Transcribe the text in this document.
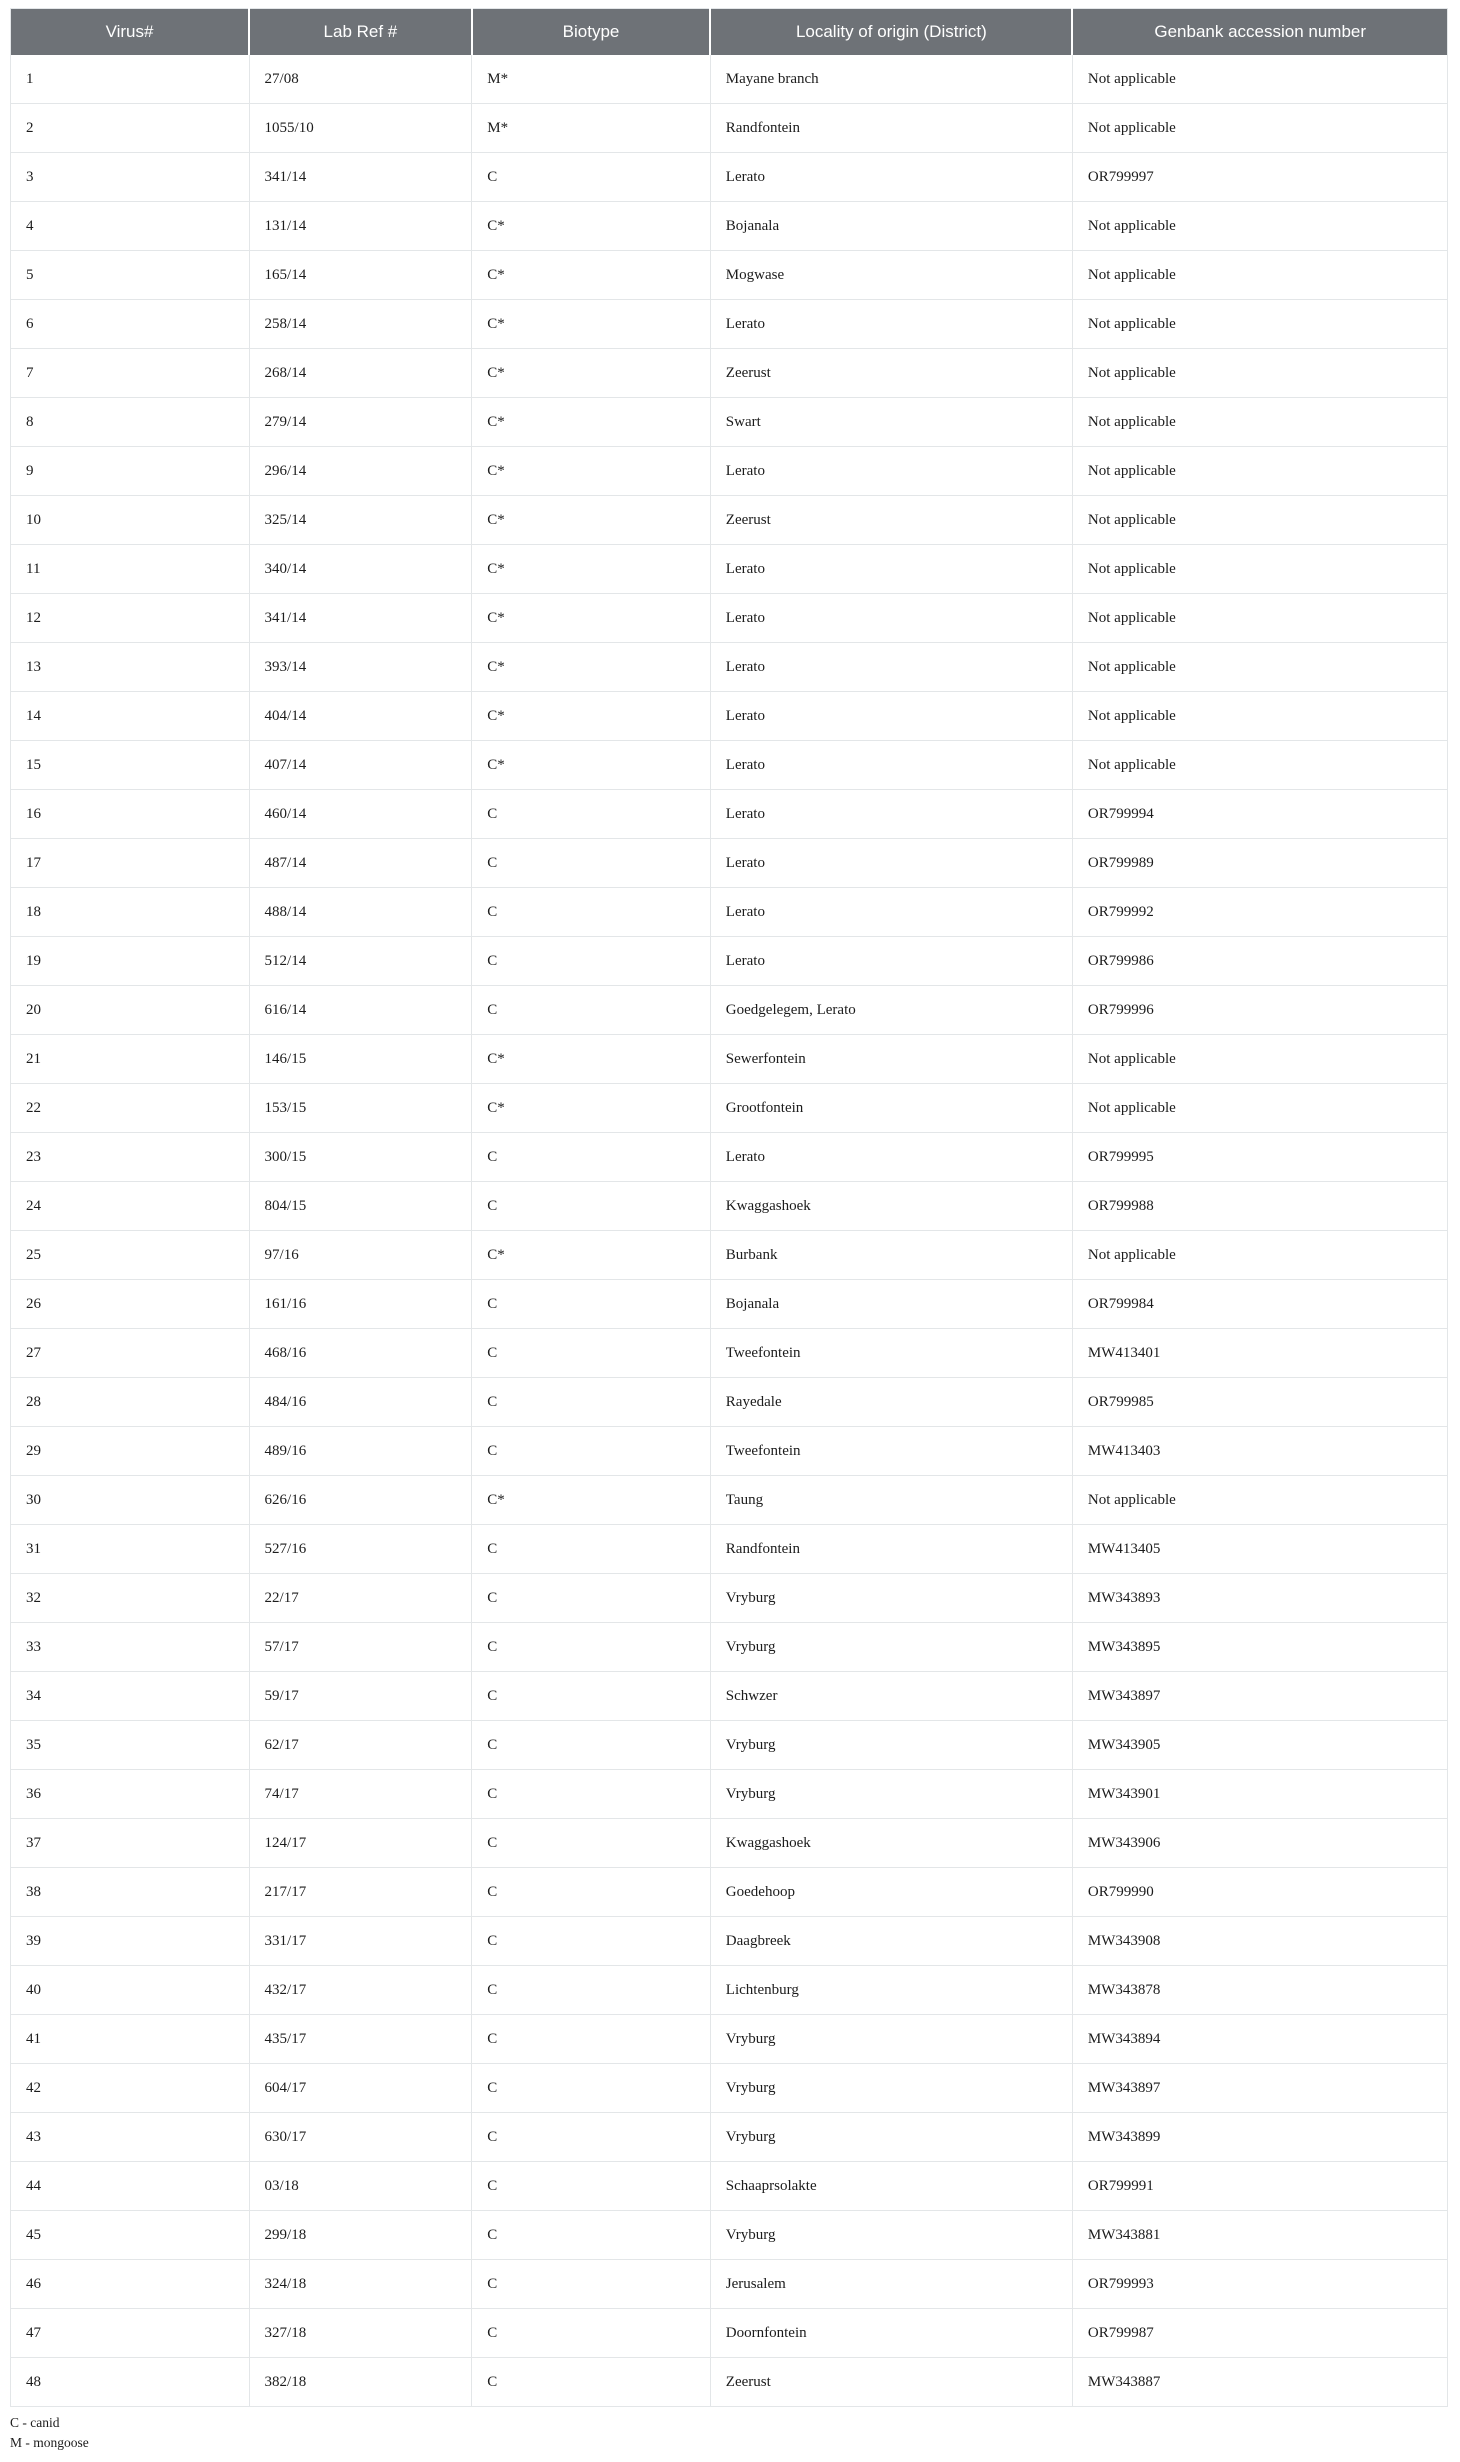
Virus#	Lab Ref #	Biotype	Locality of origin (District)	Genbank accession number
1	27/08	M*	Mayane branch	Not applicable
2	1055/10	M*	Randfontein	Not applicable
3	341/14	C	Lerato	OR799997
4	131/14	C*	Bojanala	Not applicable
5	165/14	C*	Mogwase	Not applicable
6	258/14	C*	Lerato	Not applicable
7	268/14	C*	Zeerust	Not applicable
8	279/14	C*	Swart	Not applicable
9	296/14	C*	Lerato	Not applicable
10	325/14	C*	Zeerust	Not applicable
11	340/14	C*	Lerato	Not applicable
12	341/14	C*	Lerato	Not applicable
13	393/14	C*	Lerato	Not applicable
14	404/14	C*	Lerato	Not applicable
15	407/14	C*	Lerato	Not applicable
16	460/14	C	Lerato	OR799994
17	487/14	C	Lerato	OR799989
18	488/14	C	Lerato	OR799992
19	512/14	C	Lerato	OR799986
20	616/14	C	Goedgelegem, Lerato	OR799996
21	146/15	C*	Sewerfontein	Not applicable
22	153/15	C*	Grootfontein	Not applicable
23	300/15	C	Lerato	OR799995
24	804/15	C	Kwaggashoek	OR799988
25	97/16	C*	Burbank	Not applicable
26	161/16	C	Bojanala	OR799984
27	468/16	C	Tweefontein	MW413401
28	484/16	C	Rayedale	OR799985
29	489/16	C	Tweefontein	MW413403
30	626/16	C*	Taung	Not applicable
31	527/16	C	Randfontein	MW413405
32	22/17	C	Vryburg	MW343893
33	57/17	C	Vryburg	MW343895
34	59/17	C	Schwzer	MW343897
35	62/17	C	Vryburg	MW343905
36	74/17	C	Vryburg	MW343901
37	124/17	C	Kwaggashoek	MW343906
38	217/17	C	Goedehoop	OR799990
39	331/17	C	Daagbreek	MW343908
40	432/17	C	Lichtenburg	MW343878
41	435/17	C	Vryburg	MW343894
42	604/17	C	Vryburg	MW343897
43	630/17	C	Vryburg	MW343899
44	03/18	C	Schaaprsolakte	OR799991
45	299/18	C	Vryburg	MW343881
46	324/18	C	Jerusalem	OR799993
47	327/18	C	Doornfontein	OR799987
48	382/18	C	Zeerust	MW343887
C - canid
M - mongoose
